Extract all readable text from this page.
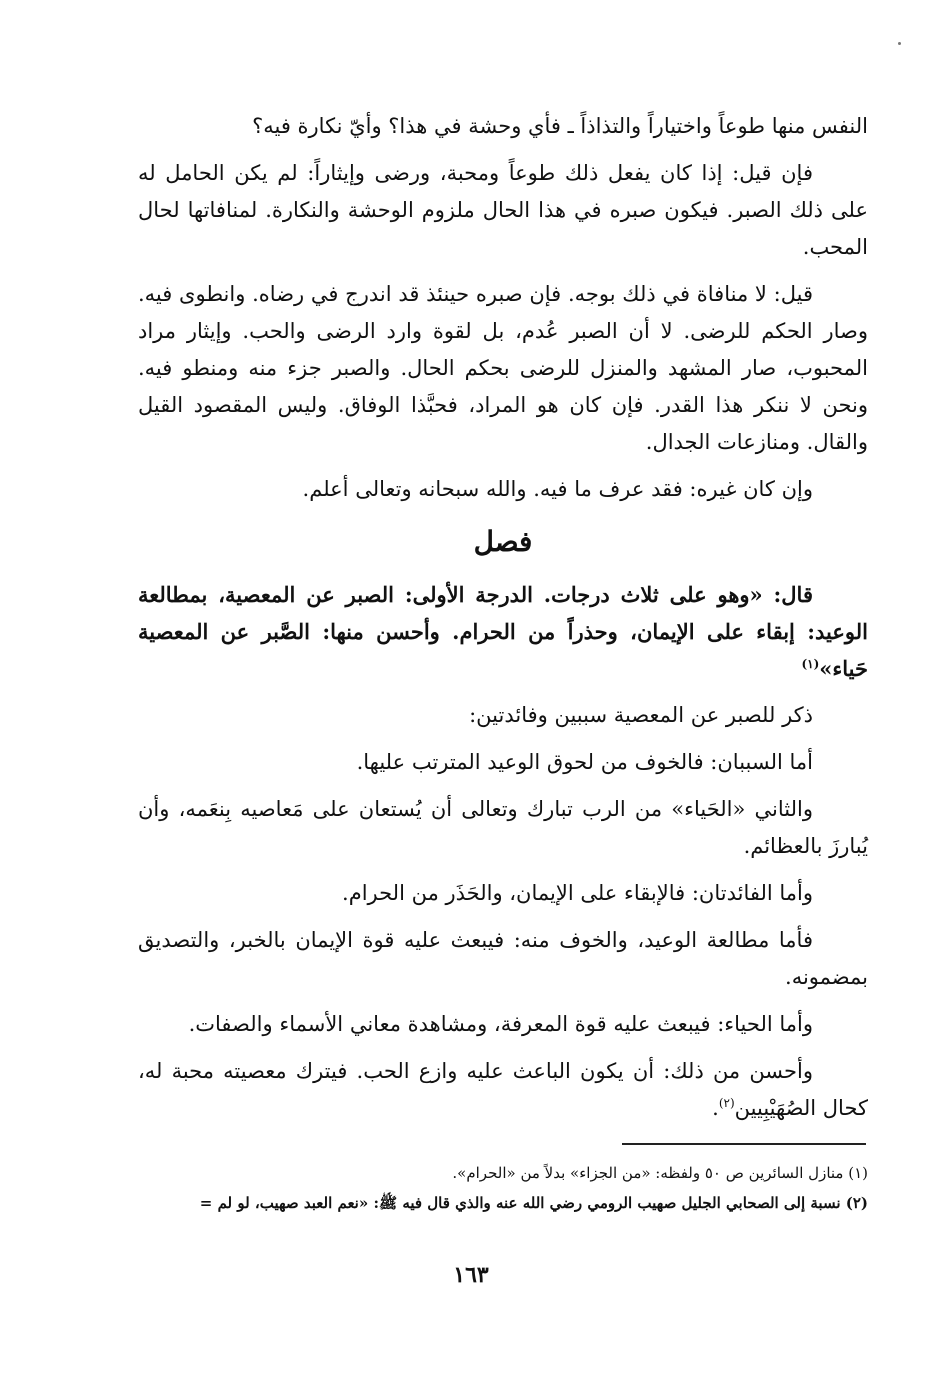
النفس منها طوعاً واختياراً والتذاذاً ـ فأي وحشة في هذا؟ وأيّ نكارة فيه؟

فإن قيل: إذا كان يفعل ذلك طوعاً ومحبة، ورضى وإيثاراً: لم يكن الحامل له على ذلك الصبر. فيكون صبره في هذا الحال ملزوم الوحشة والنكارة. لمنافاتها لحال المحب.

قيل: لا منافاة في ذلك بوجه. فإن صبره حينئذ قد اندرج في رضاه. وانطوى فيه. وصار الحكم للرضى. لا أن الصبر عُدم، بل لقوة وارد الرضى والحب. وإيثار مراد المحبوب، صار المشهد والمنزل للرضى بحكم الحال. والصبر جزء منه ومنطو فيه. ونحن لا ننكر هذا القدر. فإن كان هو المراد، فحبَّذا الوفاق. وليس المقصود القيل والقال. ومنازعات الجدال.

وإن كان غيره: فقد عرف ما فيه. والله سبحانه وتعالى أعلم.

فصل

قال: «وهو على ثلاث درجات. الدرجة الأولى: الصبر عن المعصية، بمطالعة الوعيد: إبقاء على الإيمان، وحذراً من الحرام. وأحسن منها: الصَّبر عن المعصية حَياء»$^{(١)}$

ذكر للصبر عن المعصية سببين وفائدتين:

أما السببان: فالخوف من لحوق الوعيد المترتب عليها.

والثاني «الحَياء» من الرب تبارك وتعالى أن يُستعان على مَعاصيه بِنعَمه، وأن يُبارزَ بالعظائم.

وأما الفائدتان: فالإبقاء على الإيمان، والحَذَر من الحرام.

فأما مطالعة الوعيد، والخوف منه: فيبعث عليه قوة الإيمان بالخبر، والتصديق بمضمونه.

وأما الحياء: فيبعث عليه قوة المعرفة، ومشاهدة معاني الأسماء والصفات.

وأحسن من ذلك: أن يكون الباعث عليه وازع الحب. فيترك معصيته محبة له، كحال الصُهَيْبِيين$^{(٢)}$.

(١) منازل السائرين ص ٥٠ ولفظه: «من الجزاء» بدلاً من «الحرام».

(٢) نسبة إلى الصحابي الجليل صهيب الرومي رضي الله عنه والذي قال فيه ﷺ: «نعم العبد صهيب، لو لم =

١٦٣
